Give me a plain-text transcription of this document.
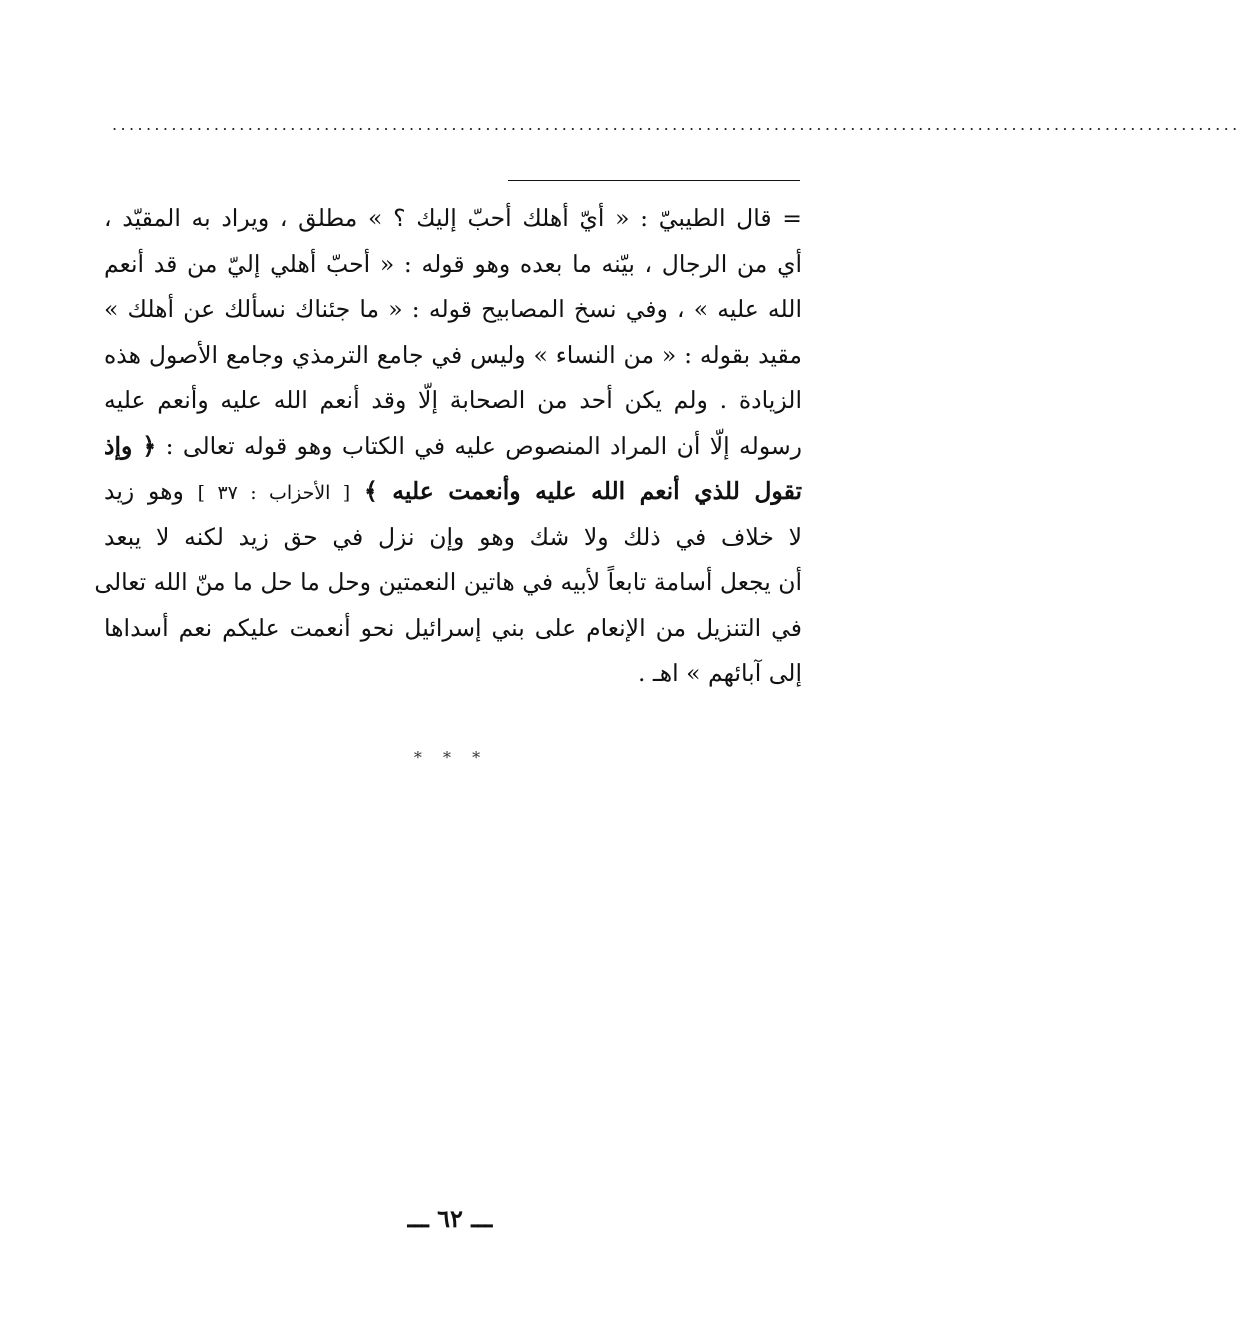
.....................................................................................................................................
= قال الطيبيّ : « أيّ أهلك أحبّ إليك ؟ » مطلق ، ويراد به المقيّد ،
أي من الرجال ، بيّنه ما بعده وهو قوله : « أحبّ أهلي إليّ من قد أنعم
الله عليه » ، وفي نسخ المصابيح قوله : « ما جئناك نسألك عن أهلك »
مقيد بقوله : « من النساء » وليس في جامع الترمذي وجامع الأصول هذه
الزيادة . ولم يكن أحد من الصحابة إلّا وقد أنعم الله عليه وأنعم عليه
رسوله إلّا أن المراد المنصوص عليه في الكتاب وهو قوله تعالى : ﴿ وإذ
تقول للذي أنعم الله عليه وأنعمت عليه ﴾ [ الأحزاب : ٣٧ ] وهو زيد
لا خلاف في ذلك ولا شك وهو وإن نزل في حق زيد لكنه لا يبعد
أن يجعل أسامة تابعاً لأبيه في هاتين النعمتين وحل ما حل ما منّ الله تعالى
في التنزيل من الإنعام على بني إسرائيل نحو أنعمت عليكم نعم أسداها
إلى آبائهم » اهـ .
* * *
ـــ ٦٢ ـــ
